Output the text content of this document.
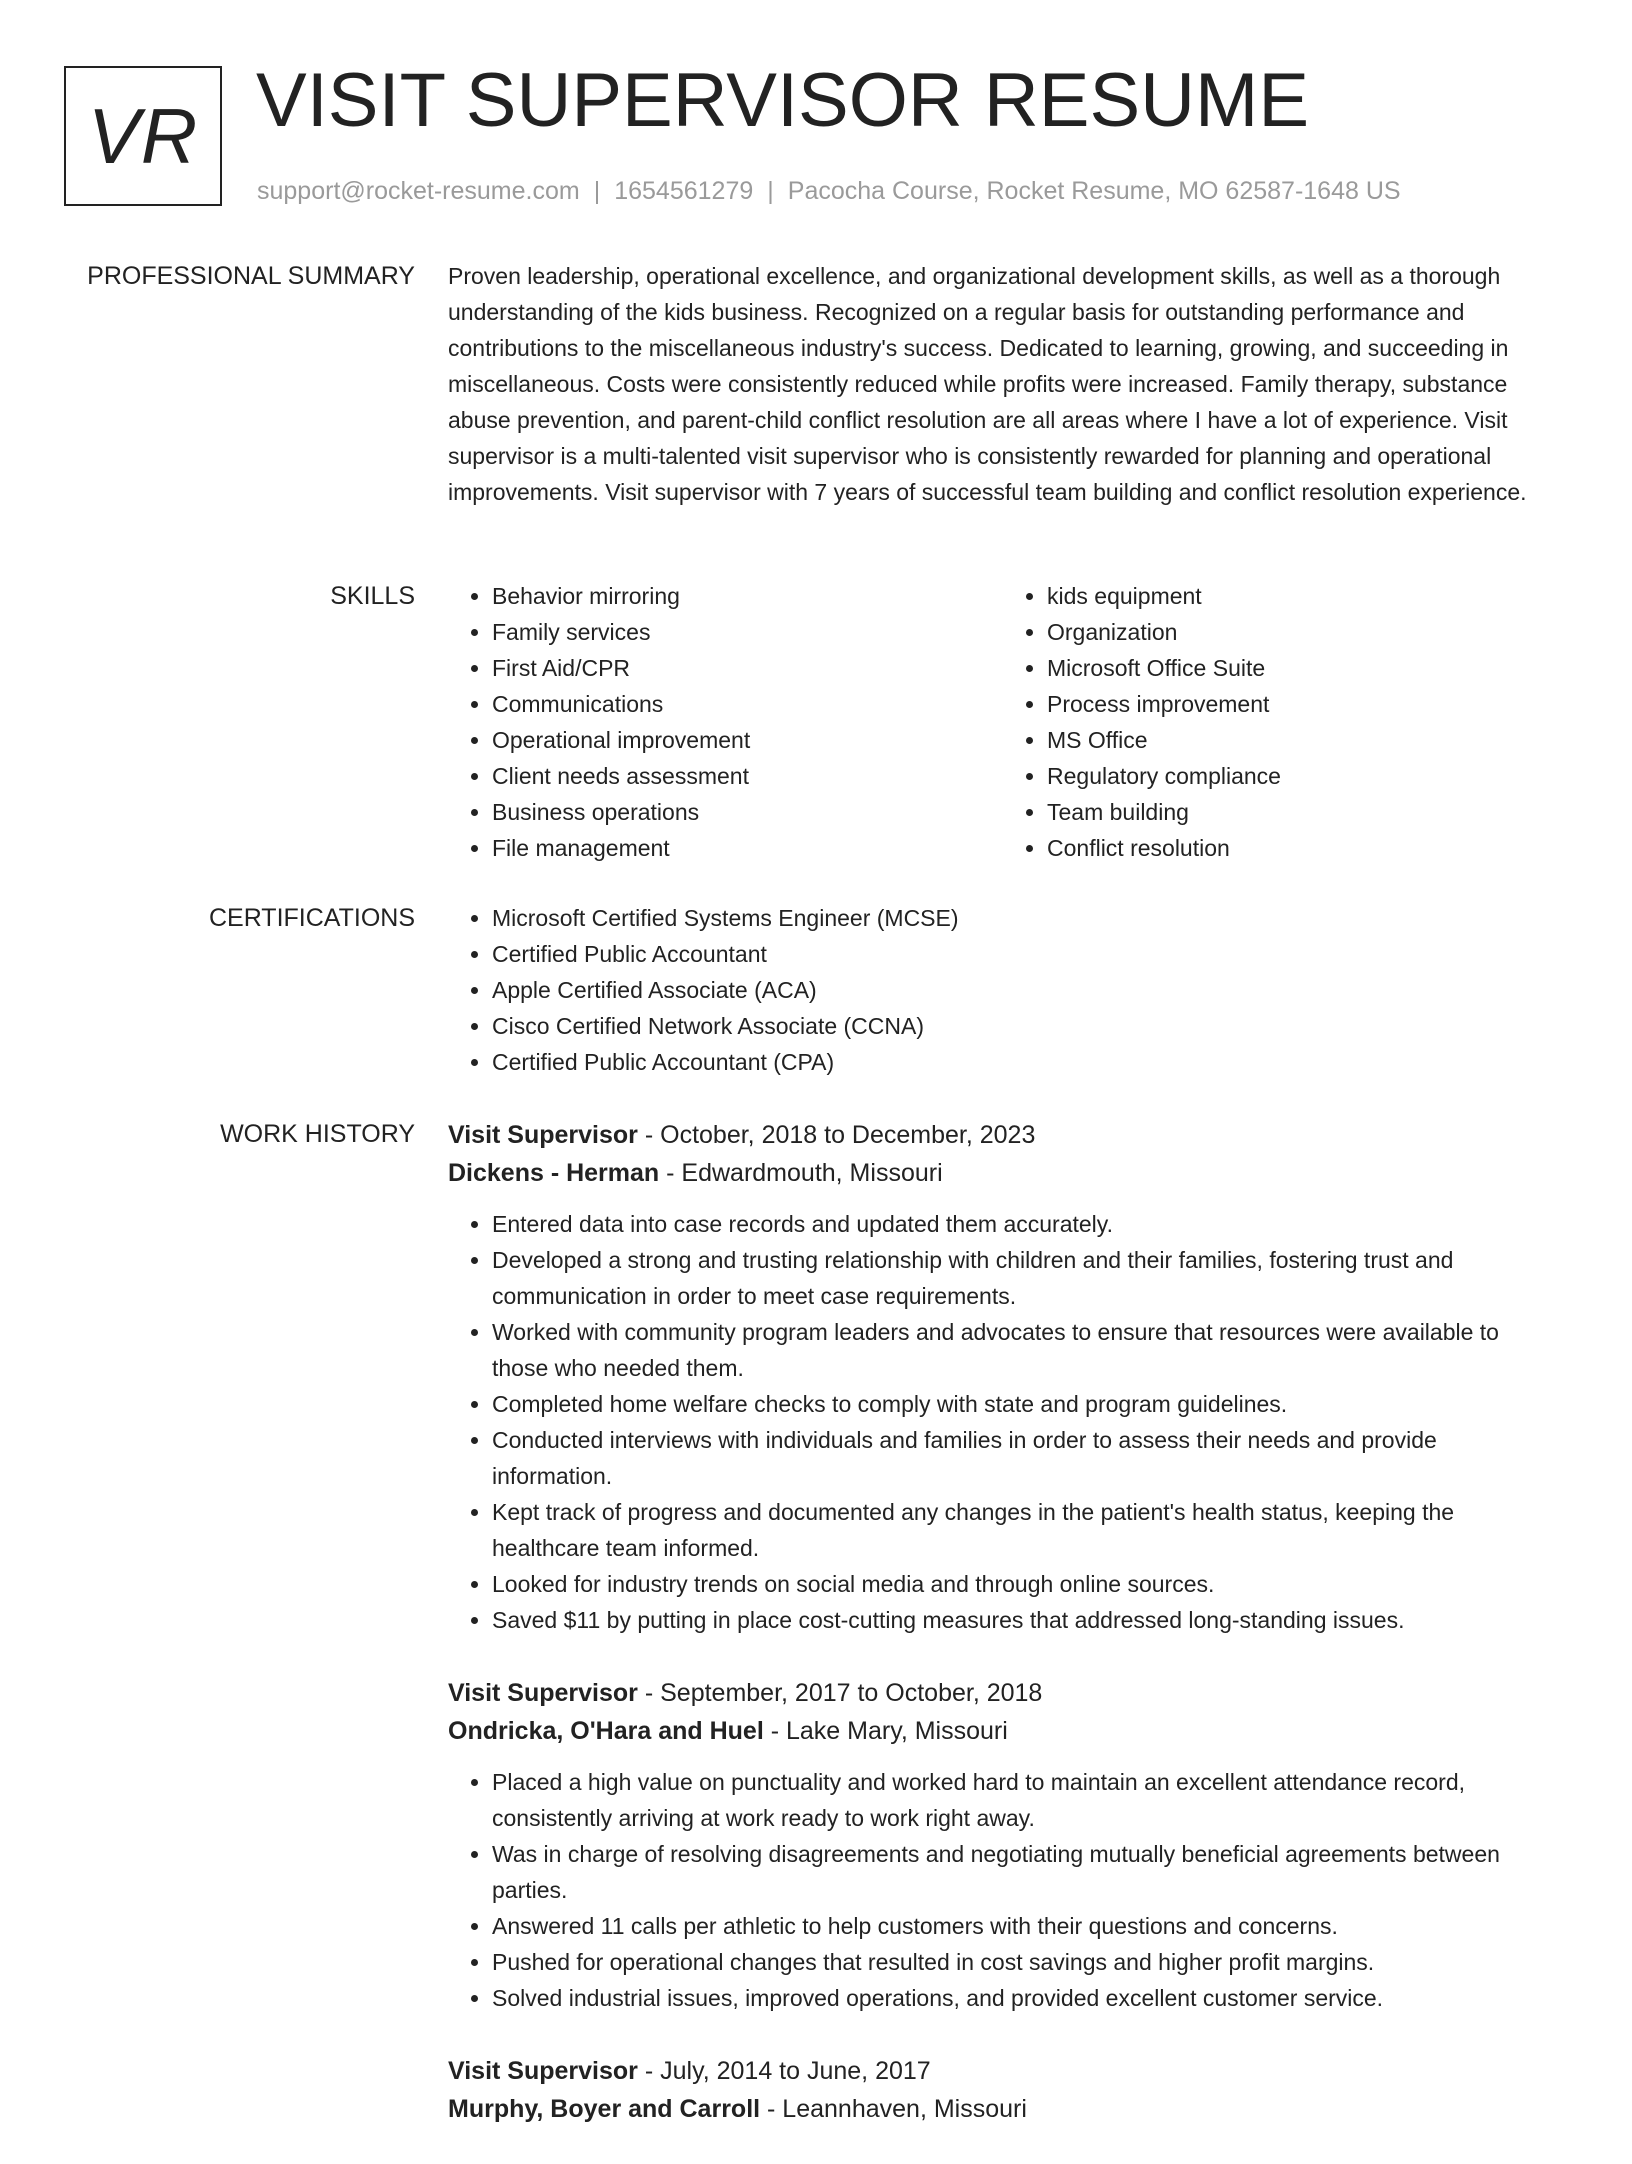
VR VISIT SUPERVISOR RESUME
support@rocket-resume.com | 1654561279 | Pacocha Course, Rocket Resume, MO 62587-1648 US
PROFESSIONAL SUMMARY Proven leadership, operational excellence, and organizational development skills, as well as a thorough understanding of the kids business. Recognized on a regular basis for outstanding performance and contributions to the miscellaneous industry's success. Dedicated to learning, growing, and succeeding in miscellaneous. Costs were consistently reduced while profits were increased. Family therapy, substance abuse prevention, and parent-child conflict resolution are all areas where I have a lot of experience. Visit supervisor is a multi-talented visit supervisor who is consistently rewarded for planning and operational improvements. Visit supervisor with 7 years of successful team building and conflict resolution experience.

SKILLS	• Behavior mirroring
• Family services
• First Aid/CPR
• Communications
• Operational improvement
• Client needs assessment
• Business operations
• File management
• kids equipment
• Organization
• Microsoft Office Suite
• Process improvement
• MS Office
• Regulatory compliance
• Team building
• Conflict resolution
CERTIFICATIONS	• Microsoft Certified Systems Engineer (MCSE)
• Certified Public Accountant
• Apple Certified Associate (ACA)
• Cisco Certified Network Associate (CCNA)
• Certified Public Accountant (CPA)
WORK HISTORY Visit Supervisor - October, 2018 to December, 2023
Dickens - Herman - Edwardmouth, Missouri
• Entered data into case records and updated them accurately.
• Developed a strong and trusting relationship with children and their families, fostering trust and communication in order to meet case requirements.
• Worked with community program leaders and advocates to ensure that resources were available to those who needed them.
• Completed home welfare checks to comply with state and program guidelines.
• Conducted interviews with individuals and families in order to assess their needs and provide information.
• Kept track of progress and documented any changes in the patient's health status, keeping the healthcare team informed.
• Looked for industry trends on social media and through online sources.
• Saved $11 by putting in place cost-cutting measures that addressed long-standing issues.
Visit Supervisor - September, 2017 to October, 2018
Ondricka, O'Hara and Huel - Lake Mary, Missouri
• Placed a high value on punctuality and worked hard to maintain an excellent attendance record, consistently arriving at work ready to work right away.
• Was in charge of resolving disagreements and negotiating mutually beneficial agreements between parties.
• Answered 11 calls per athletic to help customers with their questions and concerns.
• Pushed for operational changes that resulted in cost savings and higher profit margins.
• Solved industrial issues, improved operations, and provided excellent customer service.
Visit Supervisor - July, 2014 to June, 2017
Murphy, Boyer and Carroll - Leannhaven, Missouri
